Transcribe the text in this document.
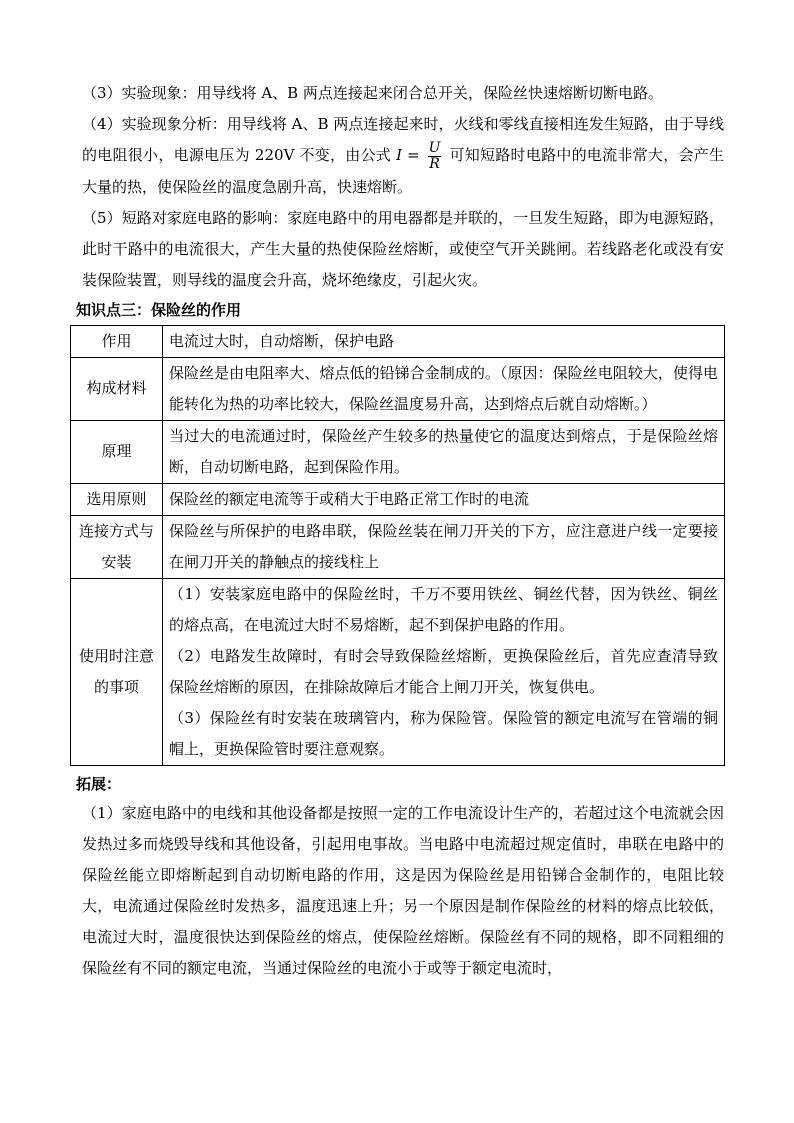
（3）实验现象：用导线将 A、B 两点连接起来闭合总开关，保险丝快速熔断切断电路。

（4）实验现象分析：用导线将 A、B 两点连接起来时，火线和零线直接相连发生短路，由于导线的电阻很小，电源电压为 220V 不变，由公式 $I = \frac{U}{R}$ 可知短路时电路中的电流非常大，会产生大量的热，使保险丝的温度急剧升高，快速熔断。

（5）短路对家庭电路的影响：家庭电路中的用电器都是并联的，一旦发生短路，即为电源短路，此时干路中的电流很大，产生大量的热使保险丝熔断，或使空气开关跳闸。若线路老化或没有安装保险装置，则导线的温度会升高，烧坏绝缘皮，引起火灾。

知识点三：保险丝的作用

作用	电流过大时，自动熔断，保护电路

构成材料	保险丝是由电阻率大、熔点低的铅锑合金制成的。（原因：保险丝电阻较大，使得电能转化为热的功率比较大，保险丝温度易升高，达到熔点后就自动熔断。）

原理	当过大的电流通过时，保险丝产生较多的热量使它的温度达到熔点，于是保险丝熔断，自动切断电路，起到保险作用。

选用原则	保险丝的额定电流等于或稍大于电路正常工作时的电流

连接方式与安装	保险丝与所保护的电路串联，保险丝装在闸刀开关的下方，应注意进户线一定要接在闸刀开关的静触点的接线柱上

使用时注意的事项	（1）安装家庭电路中的保险丝时，千万不要用铁丝、铜丝代替，因为铁丝、铜丝的熔点高，在电流过大时不易熔断，起不到保护电路的作用。

（2）电路发生故障时，有时会导致保险丝熔断，更换保险丝后，首先应查清导致保险丝熔断的原因，在排除故障后才能合上闸刀开关，恢复供电。

（3）保险丝有时安装在玻璃管内，称为保险管。保险管的额定电流写在管端的铜帽上，更换保险管时要注意观察。

拓展：

（1）家庭电路中的电线和其他设备都是按照一定的工作电流设计生产的，若超过这个电流就会因发热过多而烧毁导线和其他设备，引起用电事故。当电路中电流超过规定值时，串联在电路中的保险丝能立即熔断起到自动切断电路的作用，这是因为保险丝是用铅锑合金制作的，电阻比较大，电流通过保险丝时发热多，温度迅速上升；另一个原因是制作保险丝的材料的熔点比较低，电流过大时，温度很快达到保险丝的熔点，使保险丝熔断。保险丝有不同的规格，即不同粗细的保险丝有不同的额定电流，当通过保险丝的电流小于或等于额定电流时，
